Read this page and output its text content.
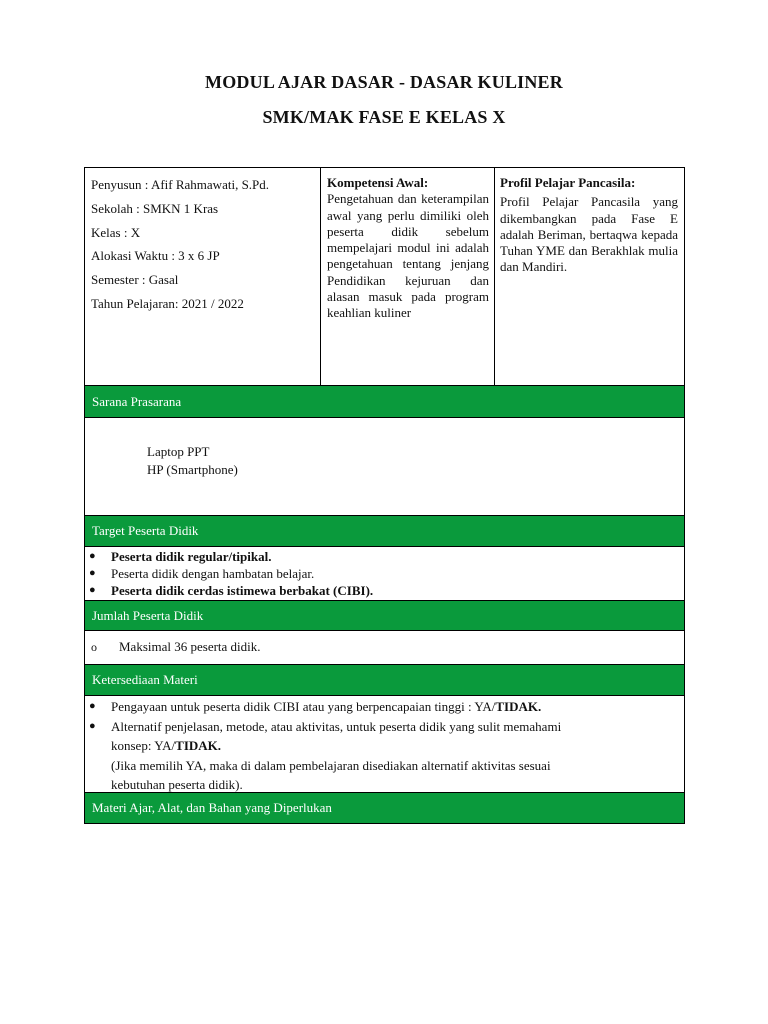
MODUL AJAR DASAR - DASAR KULINER
SMK/MAK FASE E KELAS X
Penyusun : Afif Rahmawati, S.Pd.
Sekolah : SMKN 1 Kras
Kelas : X
Alokasi Waktu : 3 x 6 JP
Semester : Gasal
Tahun Pelajaran: 2021 / 2022
Kompetensi Awal:
Pengetahuan dan keterampilan awal yang perlu dimiliki oleh peserta didik sebelum mempelajari modul ini adalah pengetahuan tentang jenjang Pendidikan kejuruan dan alasan masuk pada program keahlian kuliner
Profil Pelajar Pancasila:
Profil Pelajar Pancasila yang dikembangkan pada Fase E adalah Beriman, bertaqwa kepada Tuhan YME dan Berakhlak mulia dan Mandiri.
Sarana Prasarana
Laptop PPT
HP (Smartphone)
Target Peserta Didik
●	Peserta didik regular/tipikal.
●	Peserta didik dengan hambatan belajar.
●	Peserta didik cerdas istimewa berbakat (CIBI).
Jumlah Peserta Didik
o	Maksimal 36 peserta didik.
Ketersediaan Materi
●	Pengayaan untuk peserta didik CIBI atau yang berpencapaian tinggi : YA/TIDAK.
●	Alternatif penjelasan, metode, atau aktivitas, untuk peserta didik yang sulit memahami
konsep: YA/TIDAK.
(Jika memilih YA, maka di dalam pembelajaran disediakan alternatif aktivitas sesuai
kebutuhan peserta didik).
Materi Ajar, Alat, dan Bahan yang Diperlukan
